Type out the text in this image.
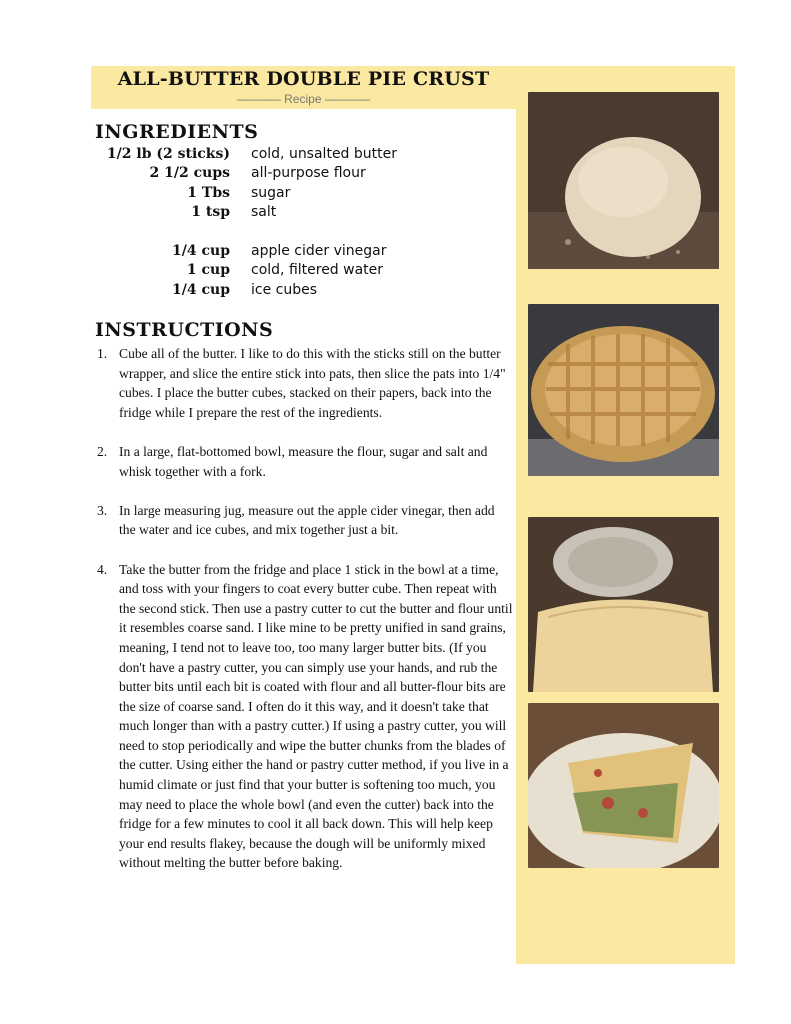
ALL-BUTTER DOUBLE PIE CRUST
—––—– Recipe —–––––
INGREDIENTS
1/2 lb (2 sticks) cold, unsalted butter
2 1/2 cups all-purpose flour
1 Tbs sugar
1 tsp salt
1/4 cup apple cider vinegar
1 cup cold, filtered water
1/4 cup ice cubes
INSTRUCTIONS
1. Cube all of the butter. I like to do this with the sticks still on the butter wrapper, and slice the entire stick into pats, then slice the pats into 1/4" cubes. I place the butter cubes, stacked on their papers, back into the fridge while I prepare the rest of the ingredients.
2. In a large, flat-bottomed bowl, measure the flour, sugar and salt and whisk together with a fork.
3. In large measuring jug, measure out the apple cider vinegar, then add the water and ice cubes, and mix together just a bit.
4. Take the butter from the fridge and place 1 stick in the bowl at a time, and toss with your fingers to coat every butter cube. Then repeat with the second stick. Then use a pastry cutter to cut the butter and flour until it resembles coarse sand. I like mine to be pretty unified in sand grains, meaning, I tend not to leave too, too many larger butter bits. (If you don't have a pastry cutter, you can simply use your hands, and rub the butter bits until each bit is coated with flour and all butter-flour bits are the size of coarse sand. I often do it this way, and it doesn't take that much longer than with a pastry cutter.) If using a pastry cutter, you will need to stop periodically and wipe the butter chunks from the blades of the cutter. Using either the hand or pastry cutter method, if you live in a humid climate or just find that your butter is softening too much, you may need to place the whole bowl (and even the cutter) back into the fridge for a few minutes to cool it all back down. This will help keep your end results flakey, because the dough will be uniformly mixed without melting the butter before baking.
